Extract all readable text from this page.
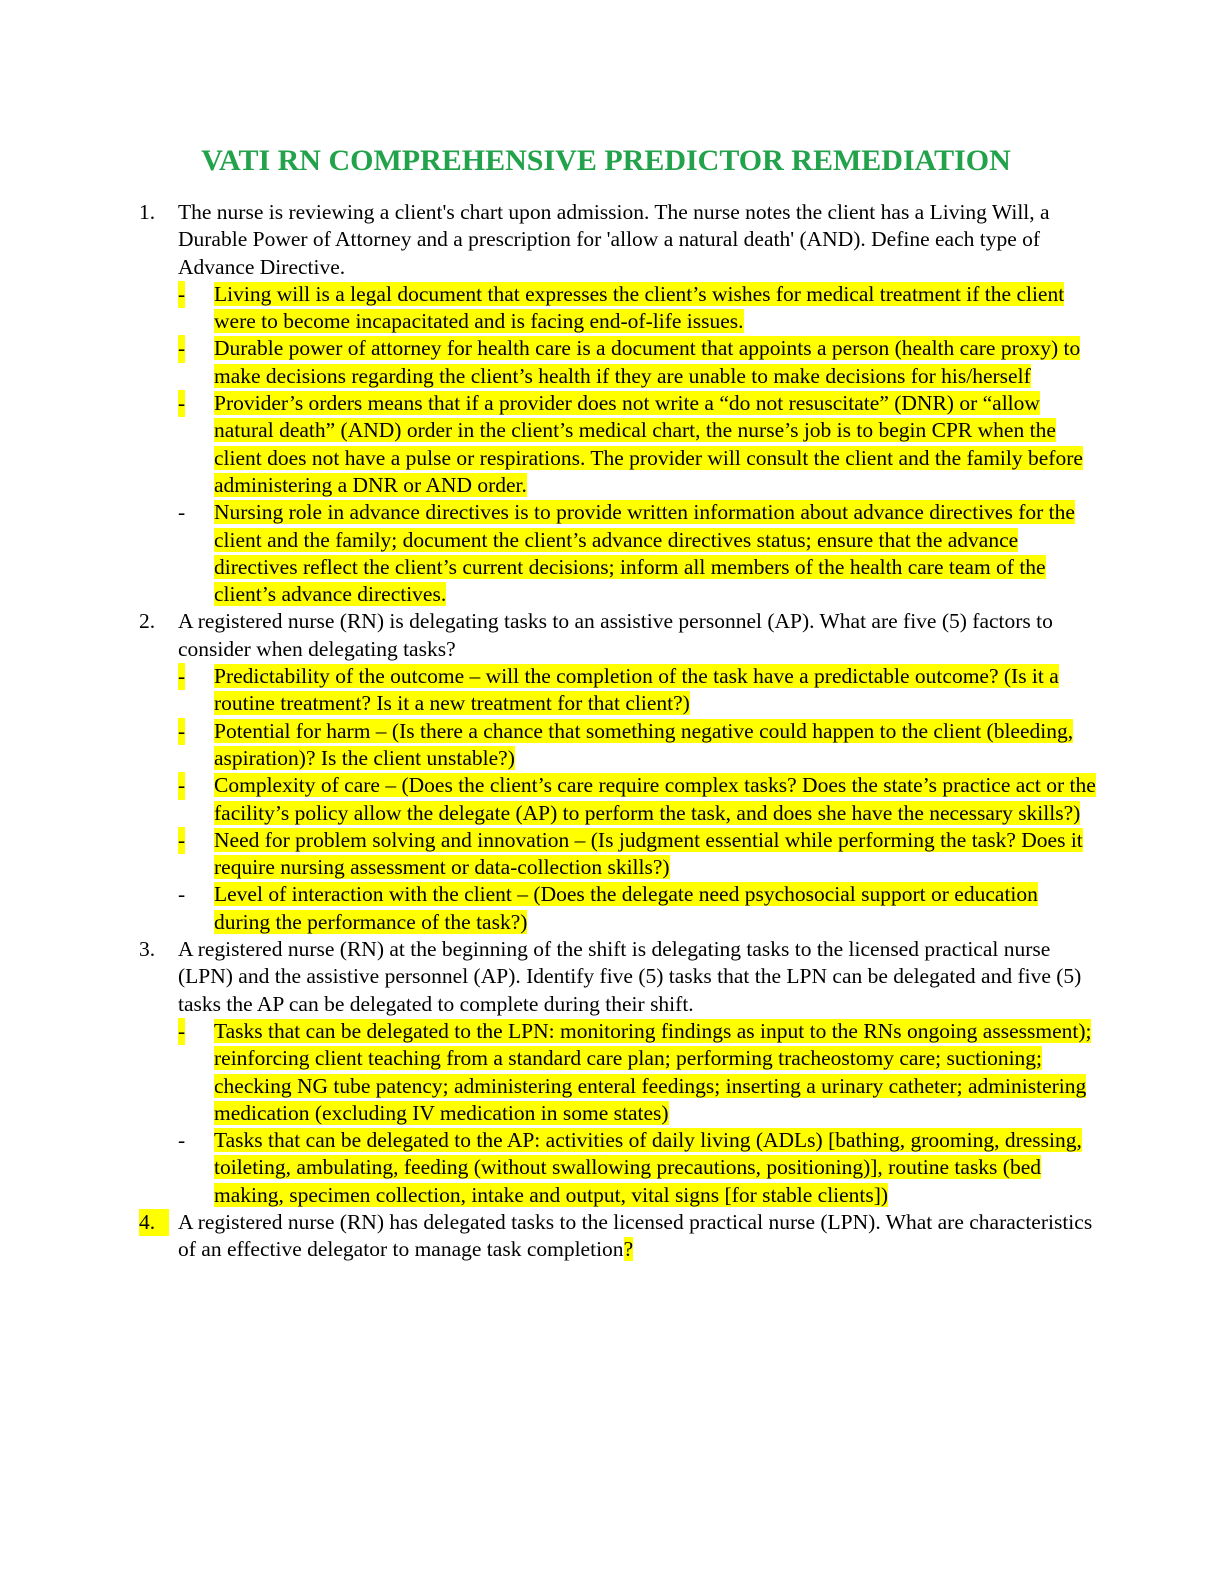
VATI RN COMPREHENSIVE PREDICTOR REMEDIATION
1.	The nurse is reviewing a client's chart upon admission. The nurse notes the client has a Living Will, a Durable Power of Attorney and a prescription for 'allow a natural death' (AND). Define each type of Advance Directive.
- Living will is a legal document that expresses the client’s wishes for medical treatment if the client were to become incapacitated and is facing end-of-life issues.
- Durable power of attorney for health care is a document that appoints a person (health care proxy) to make decisions regarding the client’s health if they are unable to make decisions for his/herself
- Provider’s orders means that if a provider does not write a “do not resuscitate” (DNR) or “allow natural death” (AND) order in the client’s medical chart, the nurse’s job is to begin CPR when the client does not have a pulse or respirations. The provider will consult the client and the family before administering a DNR or AND order.
- Nursing role in advance directives is to provide written information about advance directives for the client and the family; document the client’s advance directives status; ensure that the advance directives reflect the client’s current decisions; inform all members of the health care team of the client’s advance directives.
2.	A registered nurse (RN) is delegating tasks to an assistive personnel (AP). What are five (5) factors to consider when delegating tasks?
- Predictability of the outcome – will the completion of the task have a predictable outcome? (Is it a routine treatment? Is it a new treatment for that client?)
- Potential for harm – (Is there a chance that something negative could happen to the client (bleeding, aspiration)? Is the client unstable?)
- Complexity of care – (Does the client’s care require complex tasks? Does the state’s practice act or the facility’s policy allow the delegate (AP) to perform the task, and does she have the necessary skills?)
- Need for problem solving and innovation – (Is judgment essential while performing the task? Does it require nursing assessment or data-collection skills?)
- Level of interaction with the client – (Does the delegate need psychosocial support or education during the performance of the task?)
3.	A registered nurse (RN) at the beginning of the shift is delegating tasks to the licensed practical nurse (LPN) and the assistive personnel (AP). Identify five (5) tasks that the LPN can be delegated and five (5) tasks the AP can be delegated to complete during their shift.
- Tasks that can be delegated to the LPN: monitoring findings as input to the RNs ongoing assessment); reinforcing client teaching from a standard care plan; performing tracheostomy care; suctioning; checking NG tube patency; administering enteral feedings; inserting a urinary catheter; administering medication (excluding IV medication in some states)
- Tasks that can be delegated to the AP: activities of daily living (ADLs) [bathing, grooming, dressing, toileting, ambulating, feeding (without swallowing precautions, positioning)], routine tasks (bed making, specimen collection, intake and output, vital signs [for stable clients])
4.	A registered nurse (RN) has delegated tasks to the licensed practical nurse (LPN). What are characteristics of an effective delegator to manage task completion?
